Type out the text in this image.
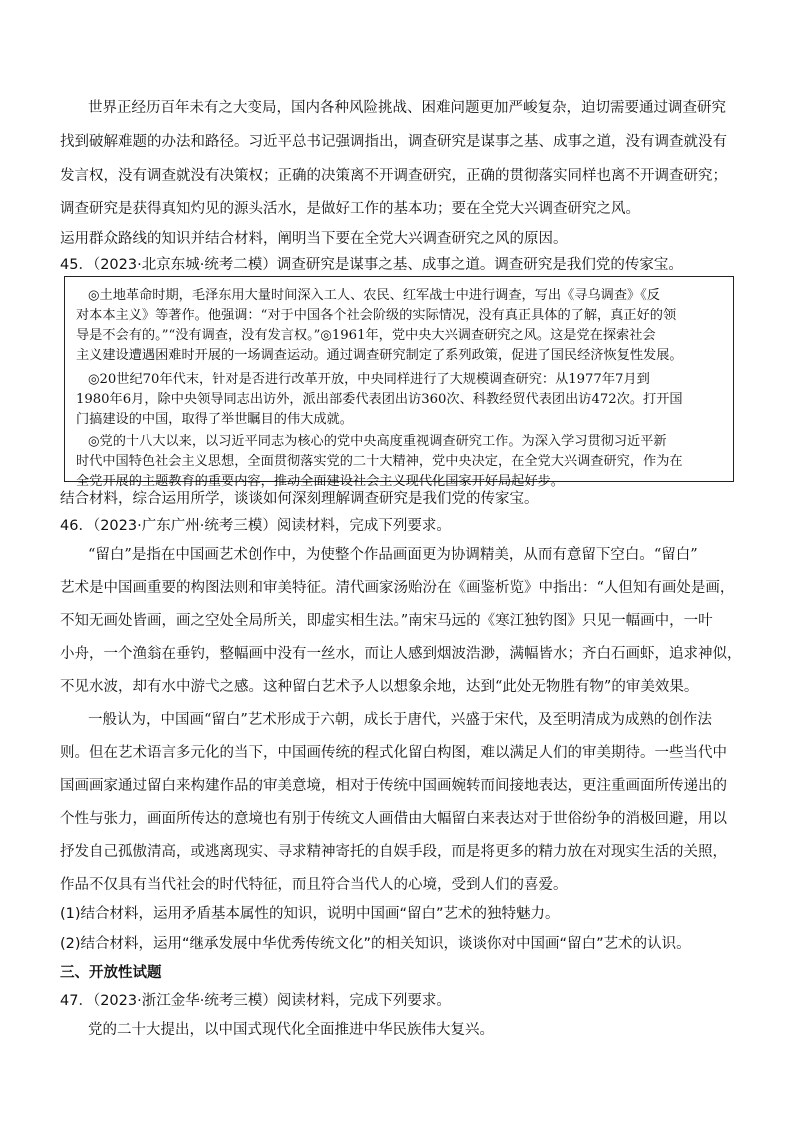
世界正经历百年未有之大变局，国内各种风险挑战、困难问题更加严峻复杂，迫切需要通过调查研究
找到破解难题的办法和路径。习近平总书记强调指出，调查研究是谋事之基、成事之道，没有调查就没有
发言权，没有调查就没有决策权；正确的决策离不开调查研究，正确的贯彻落实同样也离不开调查研究；
调查研究是获得真知灼见的源头活水，是做好工作的基本功；要在全党大兴调查研究之风。
运用群众路线的知识并结合材料，阐明当下要在全党大兴调查研究之风的原因。
45．（2023·北京东城·统考二模）调查研究是谋事之基、成事之道。调查研究是我们党的传家宝。
◎土地革命时期，毛泽东用大量时间深入工人、农民、红军战士中进行调查，写出《寻乌调查》《反
对本本主义》等著作。他强调：“对于中国各个社会阶级的实际情况，没有真正具体的了解，真正好的领
导是不会有的。”“没有调查，没有发言权。”◎1961年，党中央大兴调查研究之风。这是党在探索社会
主义建设遭遇困难时开展的一场调查运动。通过调查研究制定了系列政策，促进了国民经济恢复性发展。
◎20世纪70年代末，针对是否进行改革开放，中央同样进行了大规模调查研究：从1977年7月到
1980年6月，除中央领导同志出访外，派出部委代表团出访360次、科教经贸代表团出访472次。打开国
门搞建设的中国，取得了举世瞩目的伟大成就。
◎党的十八大以来，以习近平同志为核心的党中央高度重视调查研究工作。为深入学习贯彻习近平新
时代中国特色社会主义思想，全面贯彻落实党的二十大精神，党中央决定，在全党大兴调查研究，作为在
全党开展的主题教育的重要内容，推动全面建设社会主义现代化国家开好局起好步。
结合材料，综合运用所学，谈谈如何深刻理解调查研究是我们党的传家宝。
46．（2023·广东广州·统考三模）阅读材料，完成下列要求。
“留白”是指在中国画艺术创作中，为使整个作品画面更为协调精美，从而有意留下空白。“留白”
艺术是中国画重要的构图法则和审美特征。清代画家汤贻汾在《画鉴析览》中指出：“人但知有画处是画，
不知无画处皆画，画之空处全局所关，即虚实相生法。”南宋马远的《寒江独钓图》只见一幅画中，一叶
小舟，一个渔翁在垂钓，整幅画中没有一丝水，而让人感到烟波浩渺，满幅皆水；齐白石画虾，追求神似，
不见水波，却有水中游弋之感。这种留白艺术予人以想象余地，达到“此处无物胜有物”的审美效果。
一般认为，中国画“留白”艺术形成于六朝，成长于唐代，兴盛于宋代，及至明清成为成熟的创作法
则。但在艺术语言多元化的当下，中国画传统的程式化留白构图，难以满足人们的审美期待。一些当代中
国画画家通过留白来构建作品的审美意境，相对于传统中国画婉转而间接地表达，更注重画面所传递出的
个性与张力，画面所传达的意境也有别于传统文人画借由大幅留白来表达对于世俗纷争的消极回避，用以
抒发自己孤傲清高，或逃离现实、寻求精神寄托的自娱手段，而是将更多的精力放在对现实生活的关照，
作品不仅具有当代社会的时代特征，而且符合当代人的心境，受到人们的喜爱。
(1)结合材料，运用矛盾基本属性的知识，说明中国画“留白”艺术的独特魅力。
(2)结合材料，运用“继承发展中华优秀传统文化”的相关知识，谈谈你对中国画“留白”艺术的认识。
三、开放性试题
47．（2023·浙江金华·统考三模）阅读材料，完成下列要求。
党的二十大提出，以中国式现代化全面推进中华民族伟大复兴。
